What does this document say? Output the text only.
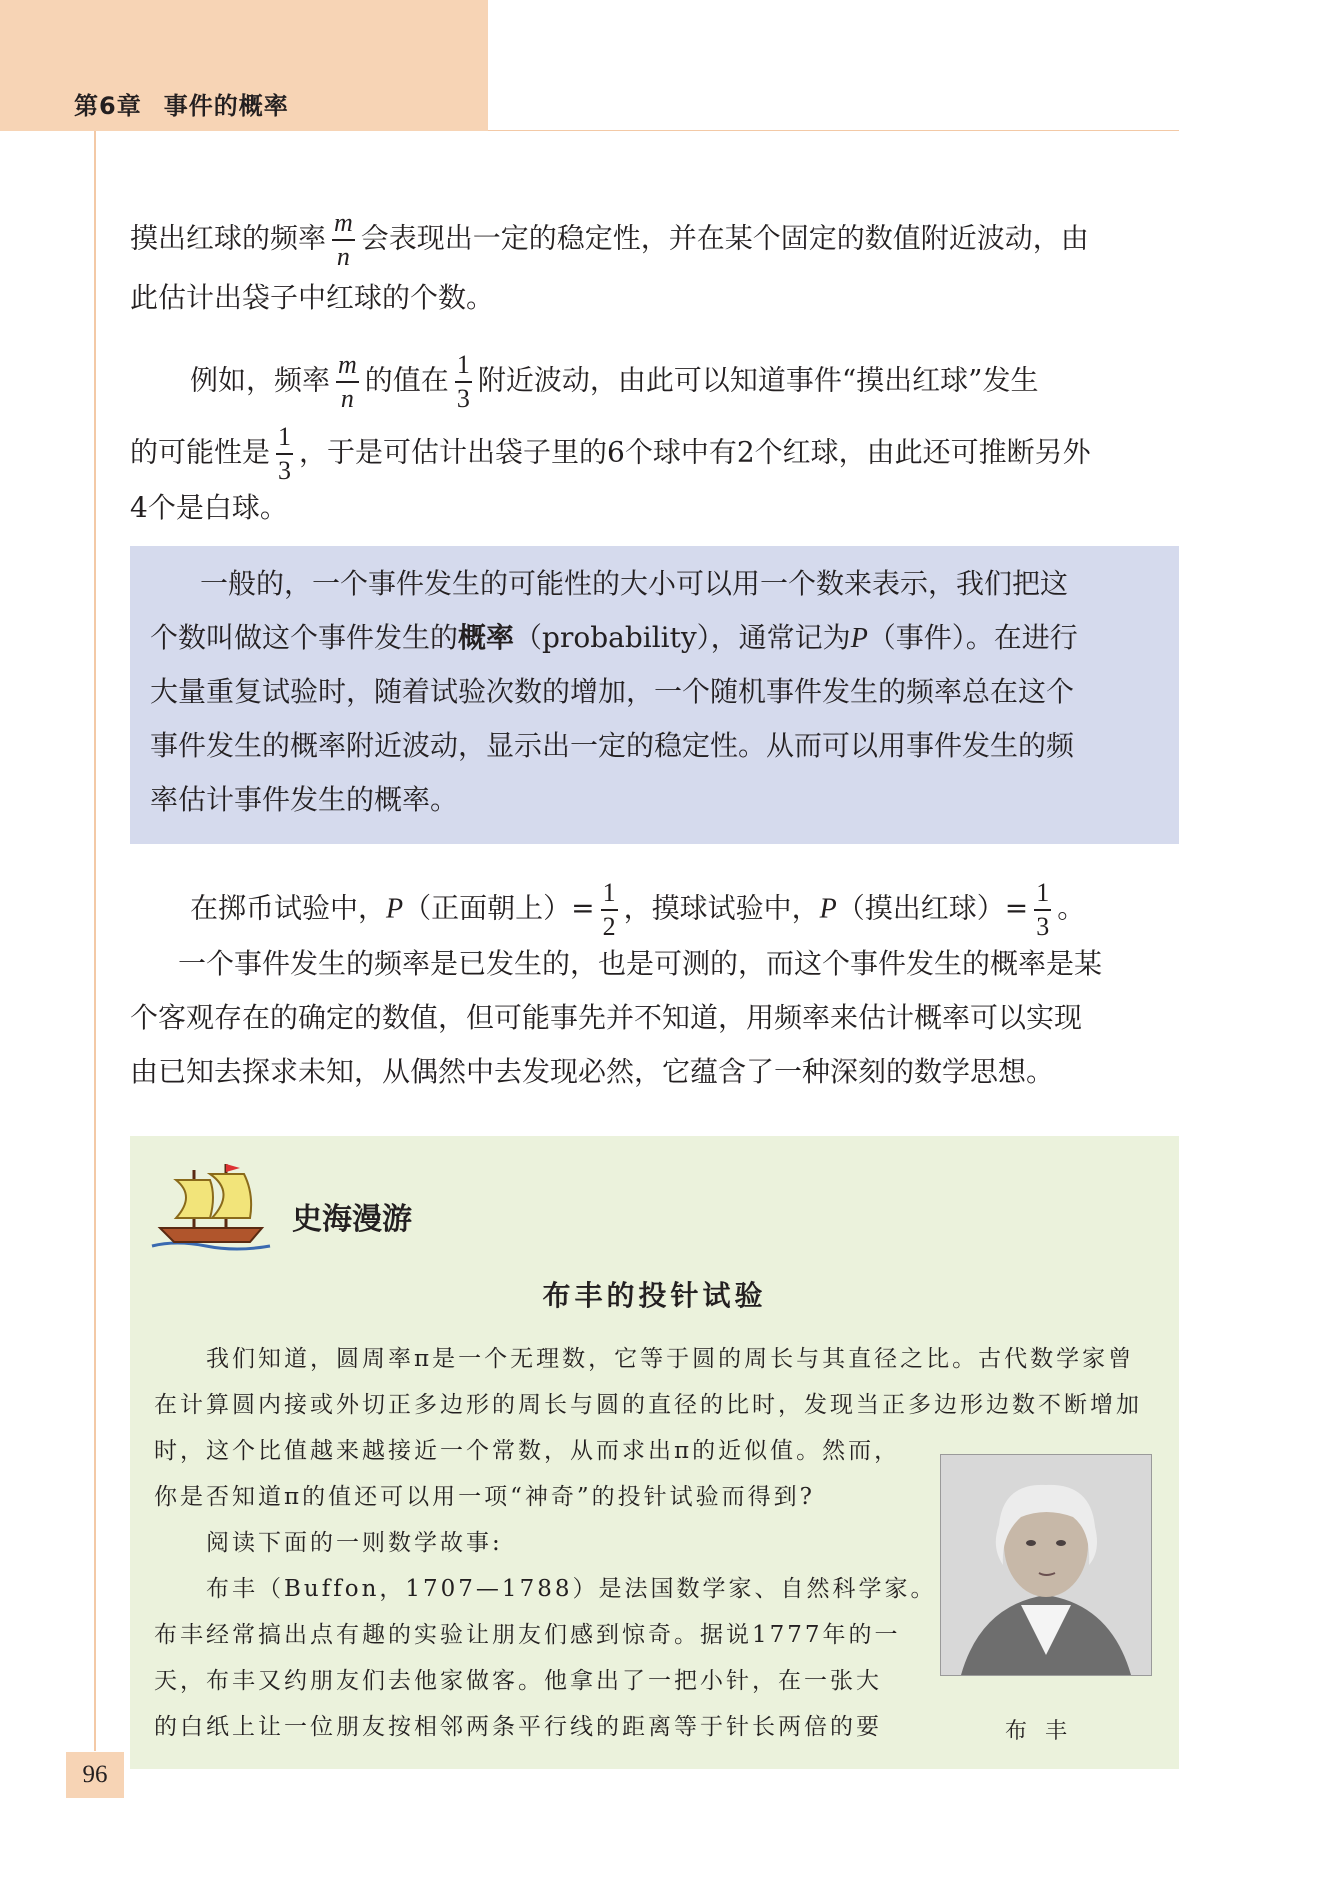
第6章 事件的概率
摸出红球的频率 $\frac{m}{n}$ 会表现出一定的稳定性，并在某个固定的数值附近波动，由
此估计出袋子中红球的个数。
例如，频率 $\frac{m}{n}$ 的值在 $\frac{1}{3}$ 附近波动，由此可以知道事件“摸出红球”发生
的可能性是 $\frac{1}{3}$ ，于是可估计出袋子里的6个球中有2个红球，由此还可推断另外
4个是白球。
一般的，一个事件发生的可能性的大小可以用一个数来表示，我们把这
个数叫做这个事件发生的概率（probability），通常记为P（事件）。在进行
大量重复试验时，随着试验次数的增加，一个随机事件发生的频率总在这个
事件发生的概率附近波动，显示出一定的稳定性。从而可以用事件发生的频
率估计事件发生的概率。
在掷币试验中，P（正面朝上）= $\frac{1}{2}$ ，摸球试验中，P（摸出红球）= $\frac{1}{3}$ 。
一个事件发生的频率是已发生的，也是可测的，而这个事件发生的概率是某
个客观存在的确定的数值，但可能事先并不知道，用频率来估计概率可以实现
由已知去探求未知，从偶然中去发现必然，它蕴含了一种深刻的数学思想。
史海漫游
布丰的投针试验
　　我们知道，圆周率π是一个无理数，它等于圆的周长与其直径之比。古代数学家曾
在计算圆内接或外切正多边形的周长与圆的直径的比时，发现当正多边形边数不断增加
时，这个比值越来越接近一个常数，从而求出π的近似值。然而，
你是否知道π的值还可以用一项“神奇”的投针试验而得到?
　　阅读下面的一则数学故事:
　　布丰（Buffon，1707—1788）是法国数学家、自然科学家。
布丰经常搞出点有趣的实验让朋友们感到惊奇。据说1777年的一
天，布丰又约朋友们去他家做客。他拿出了一把小针，在一张大
的白纸上让一位朋友按相邻两条平行线的距离等于针长两倍的要	布丰
96
